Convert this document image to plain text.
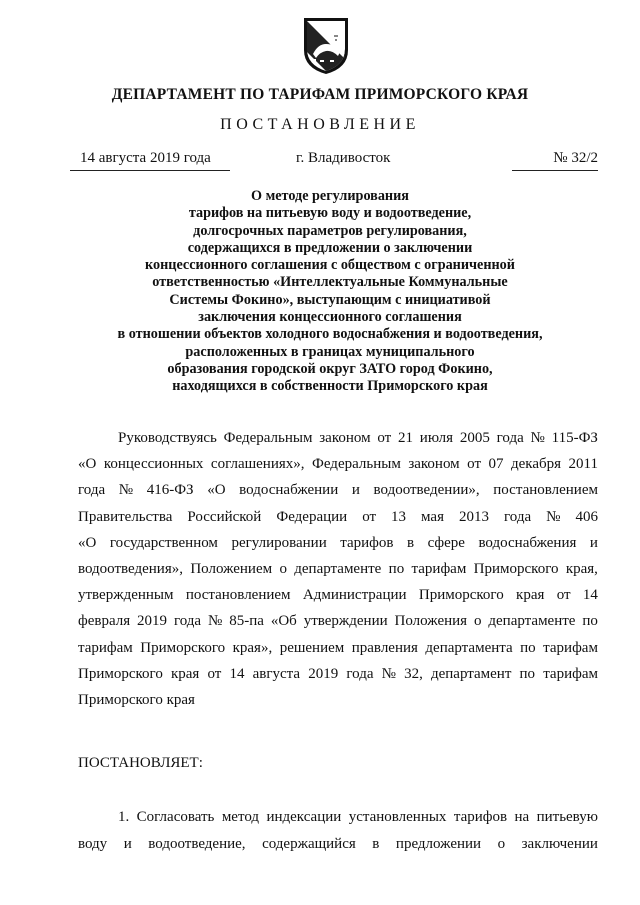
ДЕПАРТАМЕНТ ПО ТАРИФАМ ПРИМОРСКОГО КРАЯ
ПОСТАНОВЛЕНИЕ
14 августа 2019 года	г. Владивосток	№ 32/2
О методе регулирования
тарифов на питьевую воду и водоотведение,
долгосрочных параметров регулирования,
содержащихся в предложении о заключении
концессионного соглашения с обществом с ограниченной
ответственностью «Интеллектуальные Коммунальные
Системы Фокино», выступающим с инициативой
заключения концессионного соглашения
в отношении объектов холодного водоснабжения и водоотведения,
расположенных в границах муниципального
образования городской округ ЗАТО город Фокино,
находящихся в собственности Приморского края
Руководствуясь Федеральным законом от 21 июля 2005 года № 115-ФЗ
«О концессионных соглашениях», Федеральным законом от 07 декабря 2011
года № 416-ФЗ «О водоснабжении и водоотведении», постановлением
Правительства Российской Федерации от 13 мая 2013 года № 406
«О государственном регулировании тарифов в сфере водоснабжения и
водоотведения», Положением о департаменте по тарифам Приморского края,
утвержденным постановлением Администрации Приморского края от 14
февраля 2019 года № 85-па «Об утверждении Положения о департаменте по
тарифам Приморского края», решением правления департамента по тарифам
Приморского края от 14 августа 2019 года № 32, департамент по тарифам
Приморского края
ПОСТАНОВЛЯЕТ:
1. Согласовать метод индексации установленных тарифов на питьевую
воду и водоотведение, содержащийся в предложении о заключении
